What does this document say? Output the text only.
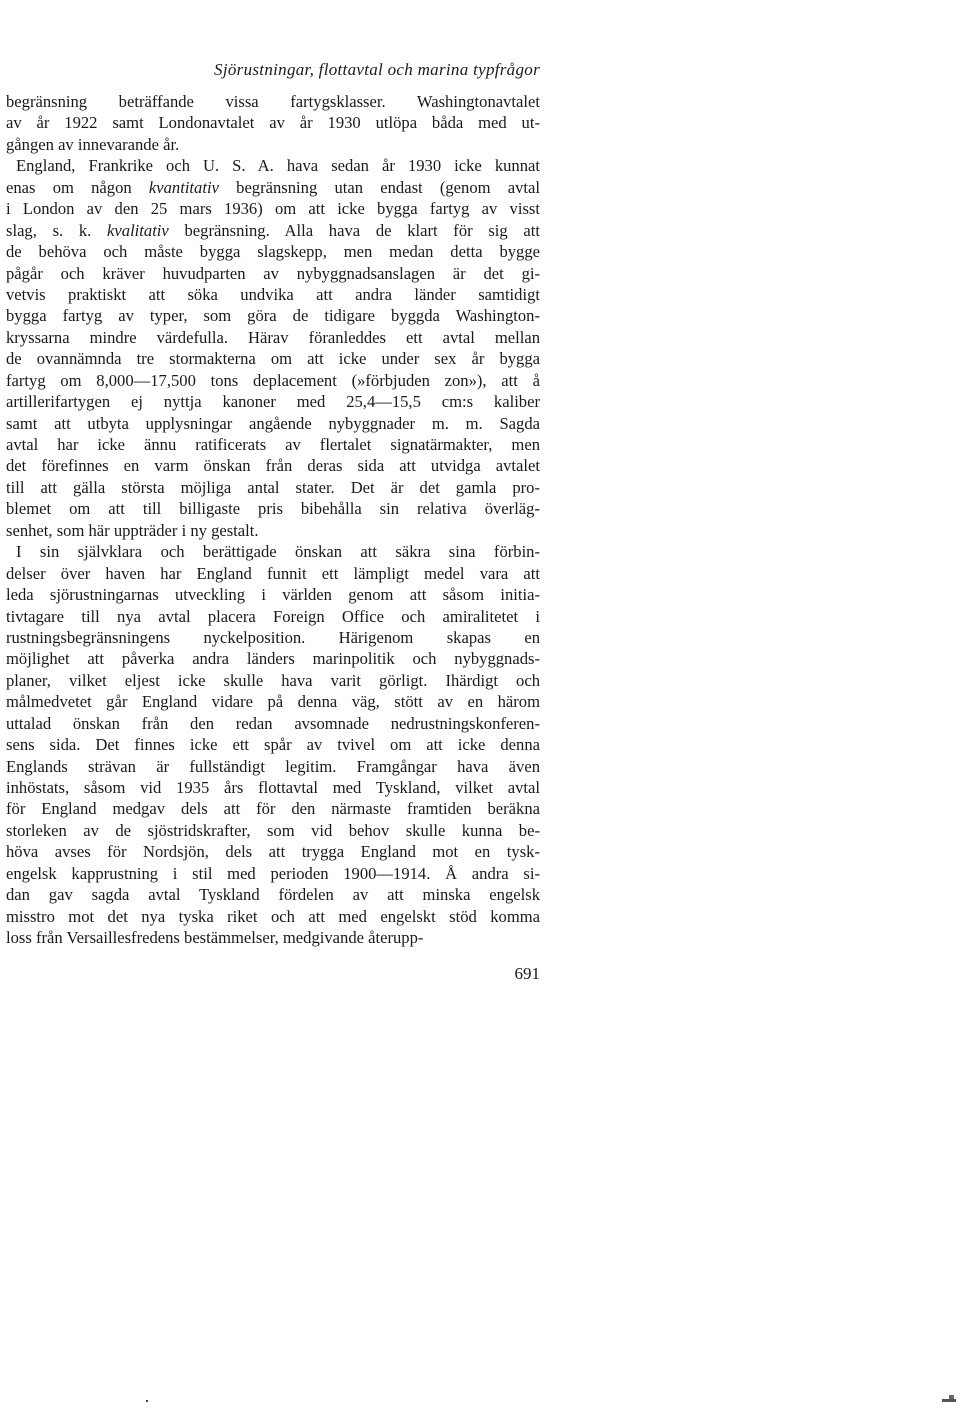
Sjörustningar, flottavtal och marina typfrågor
begränsning beträffande vissa fartygsklasser. Washingtonavtalet
av år 1922 samt Londonavtalet av år 1930 utlöpa båda med ut-
gången av innevarande år.
England, Frankrike och U. S. A. hava sedan år 1930 icke kunnat
enas om någon kvantitativ begränsning utan endast (genom avtal
i London av den 25 mars 1936) om att icke bygga fartyg av visst
slag, s. k. kvalitativ begränsning. Alla hava de klart för sig att
de behöva och måste bygga slagskepp, men medan detta bygge
pågår och kräver huvudparten av nybyggnadsanslagen är det gi-
vetvis praktiskt att söka undvika att andra länder samtidigt
bygga fartyg av typer, som göra de tidigare byggda Washington-
kryssarna mindre värdefulla. Härav föranleddes ett avtal mellan
de ovannämnda tre stormakterna om att icke under sex år bygga
fartyg om 8,000—17,500 tons deplacement (»förbjuden zon»), att å
artillerifartygen ej nyttja kanoner med 25,4—15,5 cm:s kaliber
samt att utbyta upplysningar angående nybyggnader m. m. Sagda
avtal har icke ännu ratificerats av flertalet signatärmakter, men
det förefinnes en varm önskan från deras sida att utvidga avtalet
till att gälla största möjliga antal stater. Det är det gamla pro-
blemet om att till billigaste pris bibehålla sin relativa överläg-
senhet, som här uppträder i ny gestalt.
I sin självklara och berättigade önskan att säkra sina förbin-
delser över haven har England funnit ett lämpligt medel vara att
leda sjörustningarnas utveckling i världen genom att såsom initia-
tivtagare till nya avtal placera Foreign Office och amiralitetet i
rustningsbegränsningens nyckelposition. Härigenom skapas en
möjlighet att påverka andra länders marinpolitik och nybyggnads-
planer, vilket eljest icke skulle hava varit görligt. Ihärdigt och
målmedvetet går England vidare på denna väg, stött av en härom
uttalad önskan från den redan avsomnade nedrustningskonferen-
sens sida. Det finnes icke ett spår av tvivel om att icke denna
Englands strävan är fullständigt legitim. Framgångar hava även
inhöstats, såsom vid 1935 års flottavtal med Tyskland, vilket avtal
för England medgav dels att för den närmaste framtiden beräkna
storleken av de sjöstridskrafter, som vid behov skulle kunna be-
höva avses för Nordsjön, dels att trygga England mot en tysk-
engelsk kapprustning i stil med perioden 1900—1914. Å andra si-
dan gav sagda avtal Tyskland fördelen av att minska engelsk
misstro mot det nya tyska riket och att med engelskt stöd komma
loss från Versaillesfredens bestämmelser, medgivande återupp-
691
